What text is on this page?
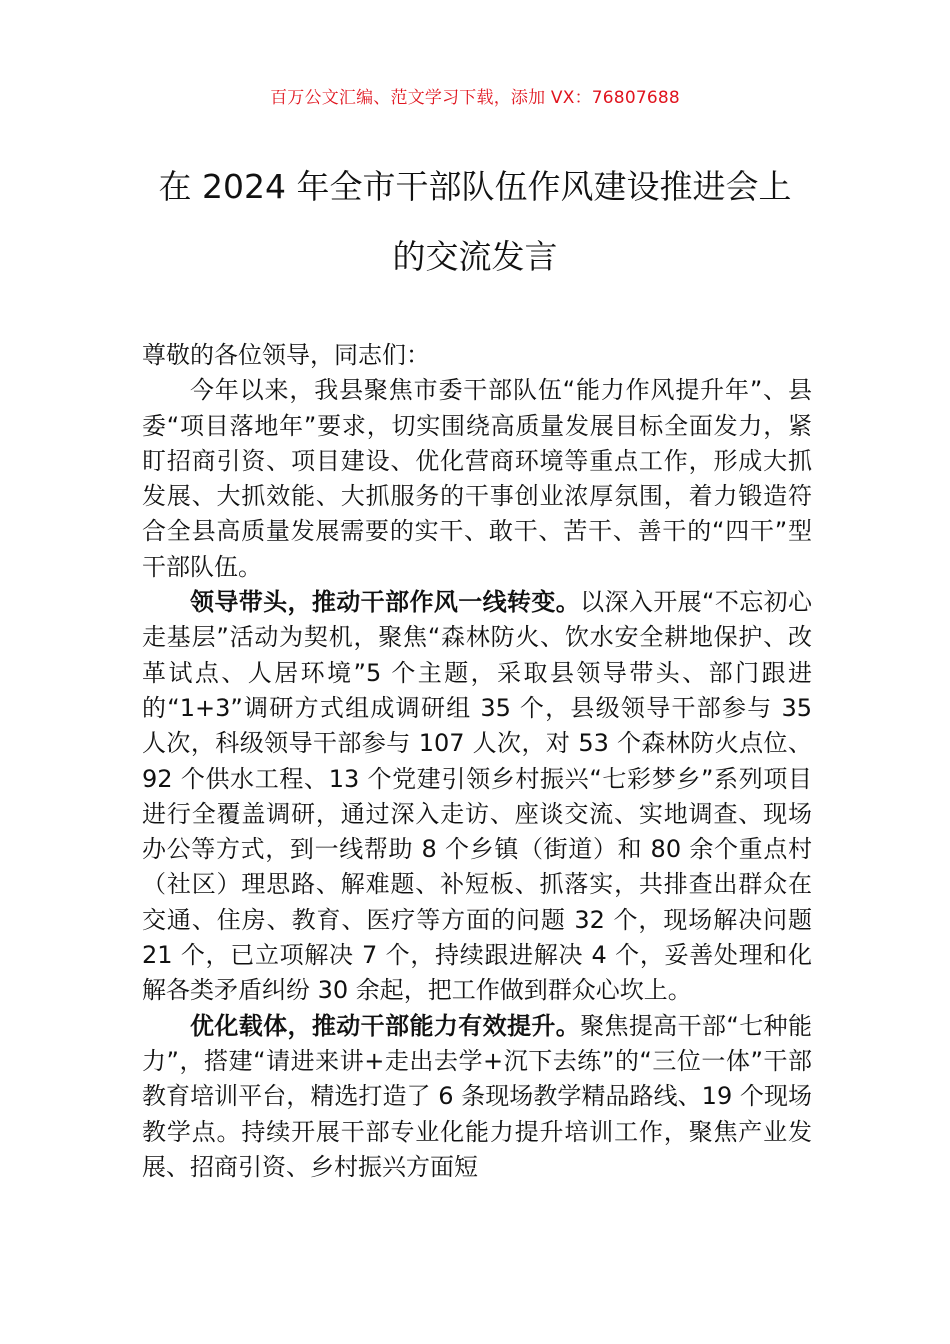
百万公文汇编、范文学习下载，添加 VX：76807688
在 2024 年全市干部队伍作风建设推进会上
的交流发言

尊敬的各位领导，同志们：

今年以来，我县聚焦市委干部队伍“能力作风提升年”、县委“项目落地年”要求，切实围绕高质量发展目标全面发力，紧盯招商引资、项目建设、优化营商环境等重点工作，形成大抓发展、大抓效能、大抓服务的干事创业浓厚氛围，着力锻造符合全县高质量发展需要的实干、敢干、苦干、善干的“四干”型干部队伍。

领导带头，推动干部作风一线转变。以深入开展“不忘初心走基层”活动为契机，聚焦“森林防火、饮水安全耕地保护、改革试点、人居环境”5 个主题，采取县领导带头、部门跟进的“1+3”调研方式组成调研组 35 个，县级领导干部参与 35 人次，科级领导干部参与 107 人次，对 53 个森林防火点位、92 个供水工程、13 个党建引领乡村振兴“七彩梦乡”系列项目进行全覆盖调研，通过深入走访、座谈交流、实地调查、现场办公等方式，到一线帮助 8 个乡镇（街道）和 80 余个重点村（社区）理思路、解难题、补短板、抓落实，共排查出群众在交通、住房、教育、医疗等方面的问题 32 个，现场解决问题 21 个，已立项解决 7 个，持续跟进解决 4 个，妥善处理和化解各类矛盾纠纷 30 余起，把工作做到群众心坎上。

优化载体，推动干部能力有效提升。聚焦提高干部“七种能力”，搭建“请进来讲+走出去学+沉下去练”的“三位一体”干部教育培训平台，精选打造了 6 条现场教学精品路线、19 个现场教学点。持续开展干部专业化能力提升培训工作，聚焦产业发展、招商引资、乡村振兴方面短
